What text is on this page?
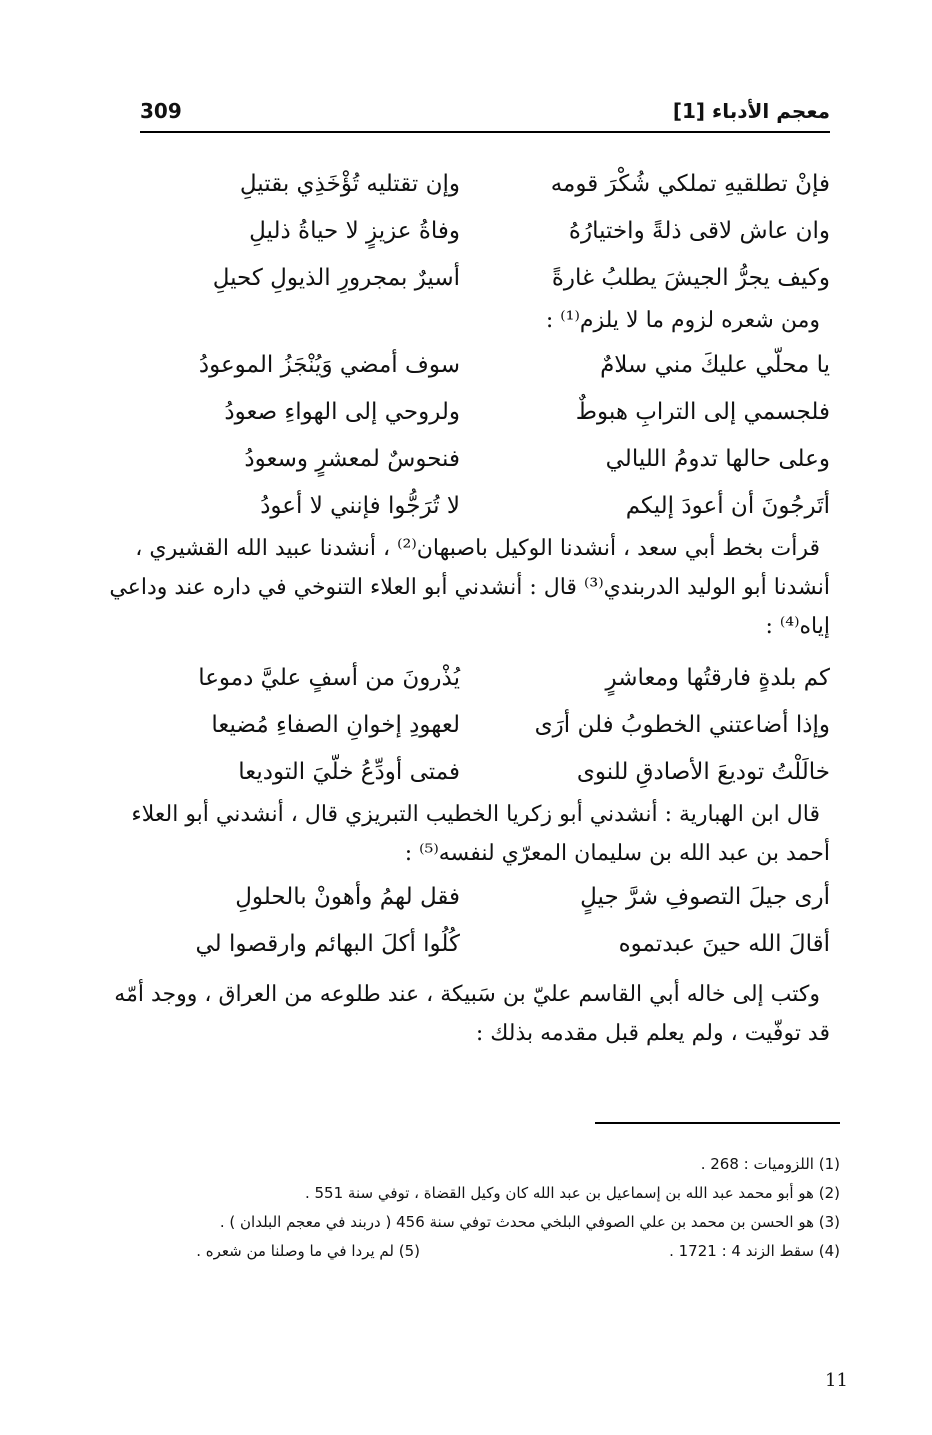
309	معجم الأدباء [1]
فإنْ تطلقيهِ تملكي شُكْرَ قومه
وإن تقتليه تُؤْخَذِي بقتيلِ
وان عاش لاقى ذلةً واختيارُهُ
وفاةُ عزيزٍ لا حياةُ ذليلِ
وكيف يجرُّ الجيشَ يطلبُ غارةً
أسيرٌ بمجرورِ الذيولِ كحيلِ
ومن شعره لزوم ما لا يلزم⁽¹⁾ :
يا محلّي عليكَ مني سلامٌ
سوف أمضي وَيُنْجَزُ الموعودُ
فلجسمي إلى الترابِ هبوطٌ
ولروحي إلى الهواءِ صعودُ
وعلى حالها تدومُ الليالي
فنحوسٌ لمعشرٍ وسعودُ
أتَرجُونَ أن أعودَ إليكم
لا تُرَجُّوا فإنني لا أعودُ
قرأت بخط أبي سعد ، أنشدنا الوكيل باصبهان⁽²⁾ ، أنشدنا عبيد الله القشيري ،
أنشدنا أبو الوليد الدربندي⁽³⁾ قال : أنشدني أبو العلاء التنوخي في داره عند وداعي
إياه⁽⁴⁾ :
كم بلدةٍ فارقتُها ومعاشرٍ
يُذْرونَ من أسفٍ عليَّ دموعا
وإذا أضاعتني الخطوبُ فلن أرَى
لعهودِ إخوانِ الصفاءِ مُضيعا
خالَلْتُ توديعَ الأصادقِ للنوى
فمتى أودِّعُ خلّيَ التوديعا
قال ابن الهبارية : أنشدني أبو زكريا الخطيب التبريزي قال ، أنشدني أبو العلاء
أحمد بن عبد الله بن سليمان المعرّي لنفسه⁽⁵⁾ :
أرى جيلَ التصوفِ شرَّ جيلٍ
فقل لهمُ وأهونْ بالحلولِ
أقالَ الله حينَ عبدتموه
كُلُوا أكلَ البهائم وارقصوا لي
وكتب إلى خاله أبي القاسم عليّ بن سَبيكة ، عند طلوعه من العراق ، ووجد أمّه
قد توفّيت ، ولم يعلم قبل مقدمه بذلك :
(1) اللزوميات : 268 .
(2) هو أبو محمد عبد الله بن إسماعيل بن عبد الله كان وكيل القضاة ، توفي سنة 551 .
(3) هو الحسن بن محمد بن علي الصوفي البلخي محدث توفي سنة 456 ( دربند في معجم البلدان ) .
(4) سقط الزند 4 : 1721 .
(5) لم يردا في ما وصلنا من شعره .
11
